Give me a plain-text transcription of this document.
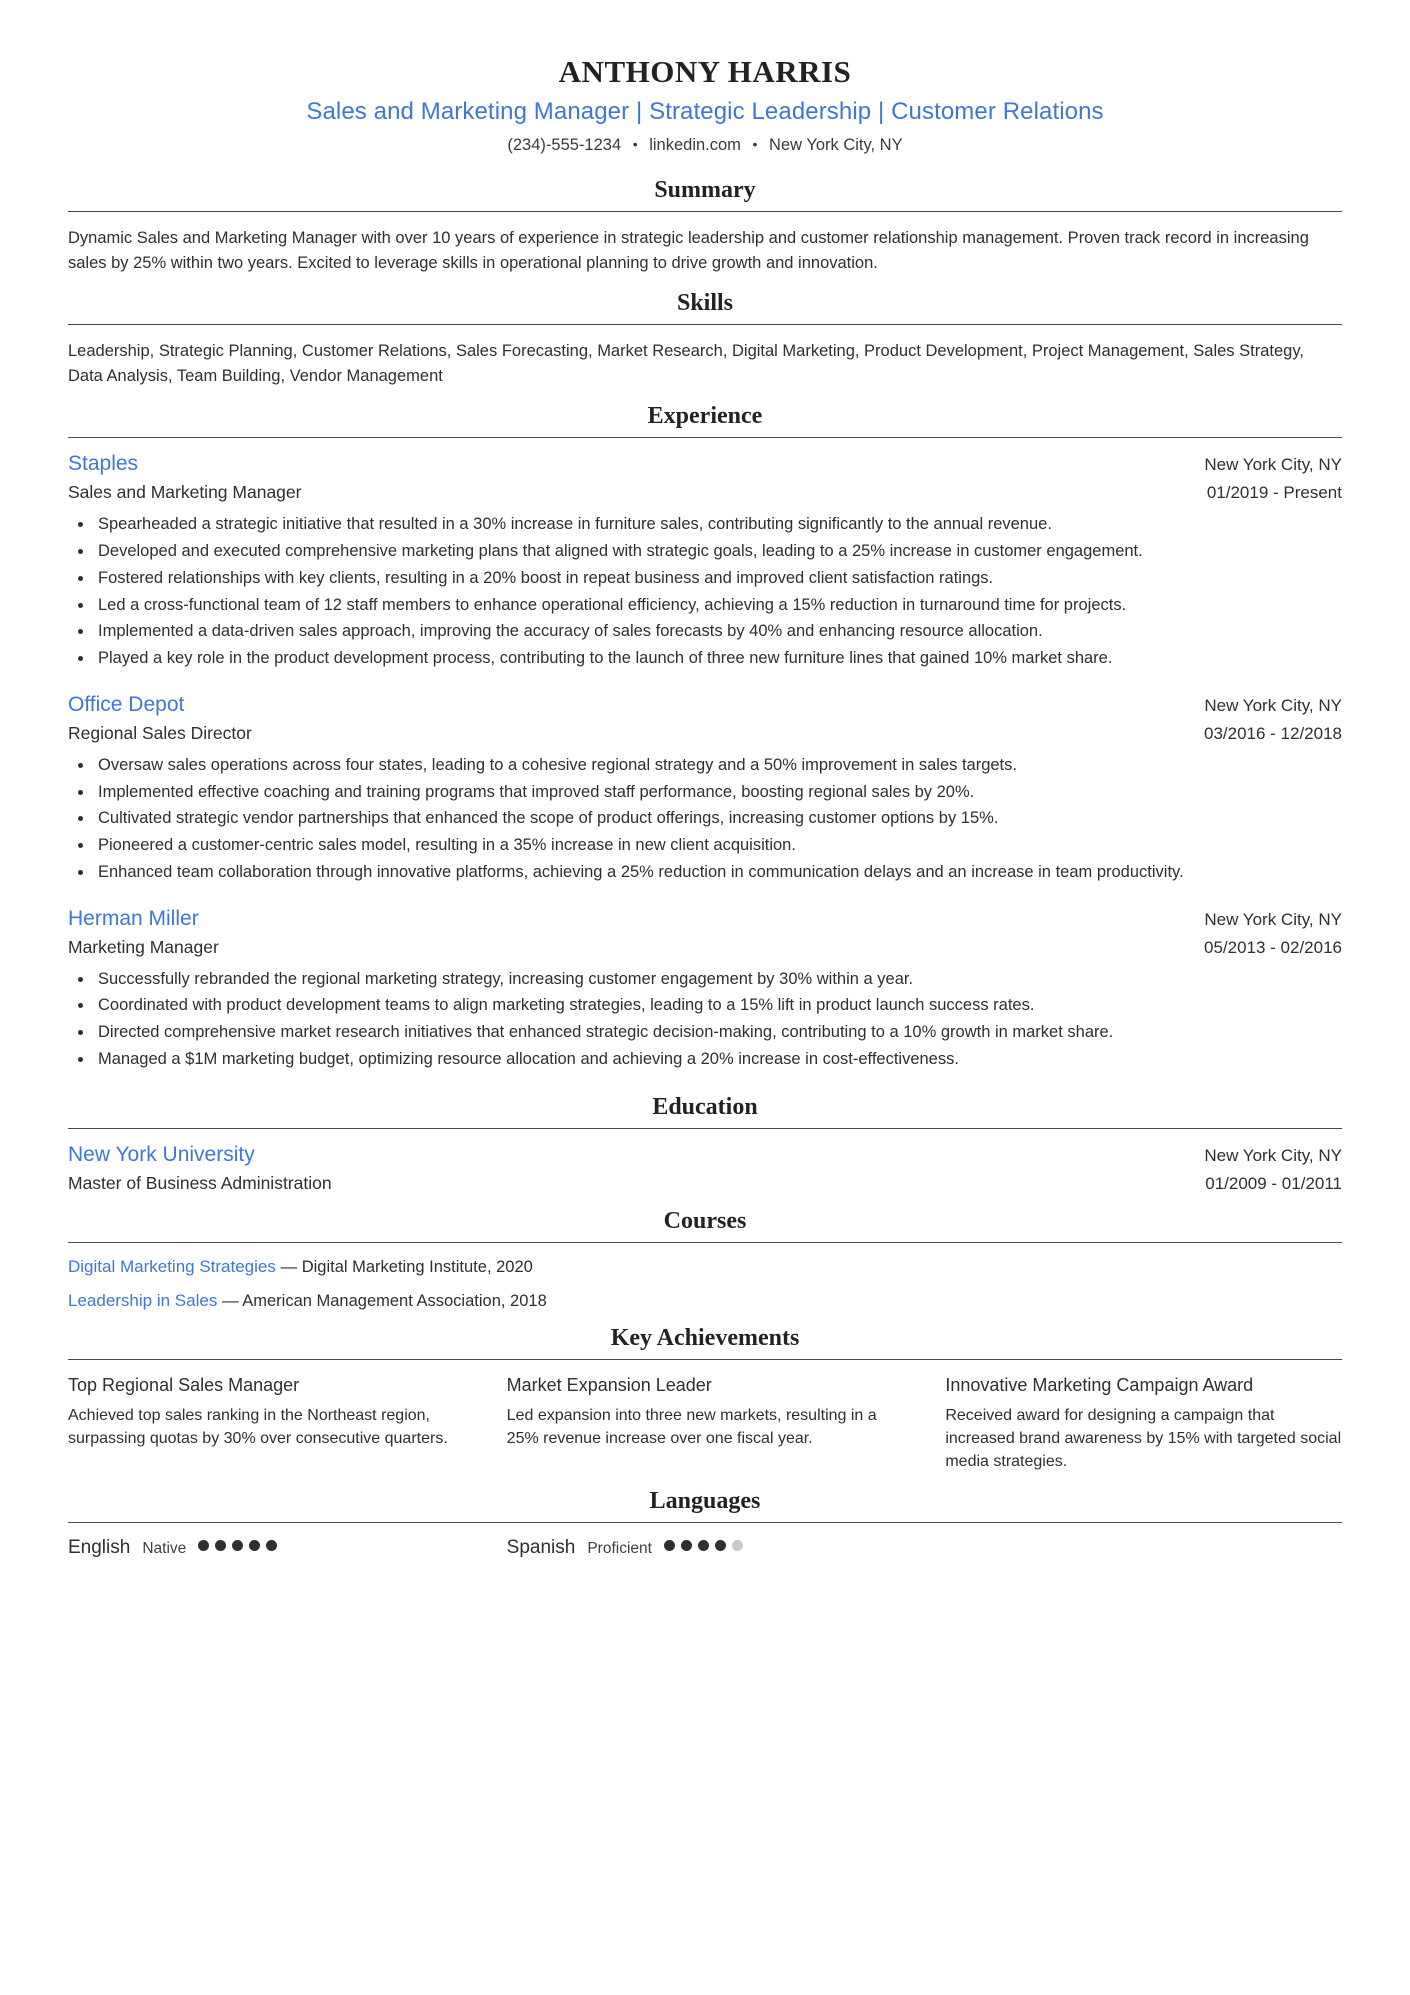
ANTHONY HARRIS
Sales and Marketing Manager | Strategic Leadership | Customer Relations
(234)-555-1234 • linkedin.com • New York City, NY
Summary
Dynamic Sales and Marketing Manager with over 10 years of experience in strategic leadership and customer relationship management. Proven track record in increasing sales by 25% within two years. Excited to leverage skills in operational planning to drive growth and innovation.
Skills
Leadership, Strategic Planning, Customer Relations, Sales Forecasting, Market Research, Digital Marketing, Product Development, Project Management, Sales Strategy, Data Analysis, Team Building, Vendor Management
Experience
Staples	New York City, NY
Sales and Marketing Manager	01/2019 - Present
• Spearheaded a strategic initiative that resulted in a 30% increase in furniture sales, contributing significantly to the annual revenue.
• Developed and executed comprehensive marketing plans that aligned with strategic goals, leading to a 25% increase in customer engagement.
• Fostered relationships with key clients, resulting in a 20% boost in repeat business and improved client satisfaction ratings.
• Led a cross-functional team of 12 staff members to enhance operational efficiency, achieving a 15% reduction in turnaround time for projects.
• Implemented a data-driven sales approach, improving the accuracy of sales forecasts by 40% and enhancing resource allocation.
• Played a key role in the product development process, contributing to the launch of three new furniture lines that gained 10% market share.
Office Depot	New York City, NY
Regional Sales Director	03/2016 - 12/2018
• Oversaw sales operations across four states, leading to a cohesive regional strategy and a 50% improvement in sales targets.
• Implemented effective coaching and training programs that improved staff performance, boosting regional sales by 20%.
• Cultivated strategic vendor partnerships that enhanced the scope of product offerings, increasing customer options by 15%.
• Pioneered a customer-centric sales model, resulting in a 35% increase in new client acquisition.
• Enhanced team collaboration through innovative platforms, achieving a 25% reduction in communication delays and an increase in team productivity.
Herman Miller	New York City, NY
Marketing Manager	05/2013 - 02/2016
• Successfully rebranded the regional marketing strategy, increasing customer engagement by 30% within a year.
• Coordinated with product development teams to align marketing strategies, leading to a 15% lift in product launch success rates.
• Directed comprehensive market research initiatives that enhanced strategic decision-making, contributing to a 10% growth in market share.
• Managed a $1M marketing budget, optimizing resource allocation and achieving a 20% increase in cost-effectiveness.
Education
New York University	New York City, NY
Master of Business Administration	01/2009 - 01/2011
Courses
Digital Marketing Strategies — Digital Marketing Institute, 2020
Leadership in Sales — American Management Association, 2018
Key Achievements
Top Regional Sales Manager
Achieved top sales ranking in the Northeast region, surpassing quotas by 30% over consecutive quarters.
Market Expansion Leader
Led expansion into three new markets, resulting in a 25% revenue increase over one fiscal year.
Innovative Marketing Campaign Award
Received award for designing a campaign that increased brand awareness by 15% with targeted social media strategies.
Languages
English Native	Spanish Proficient
